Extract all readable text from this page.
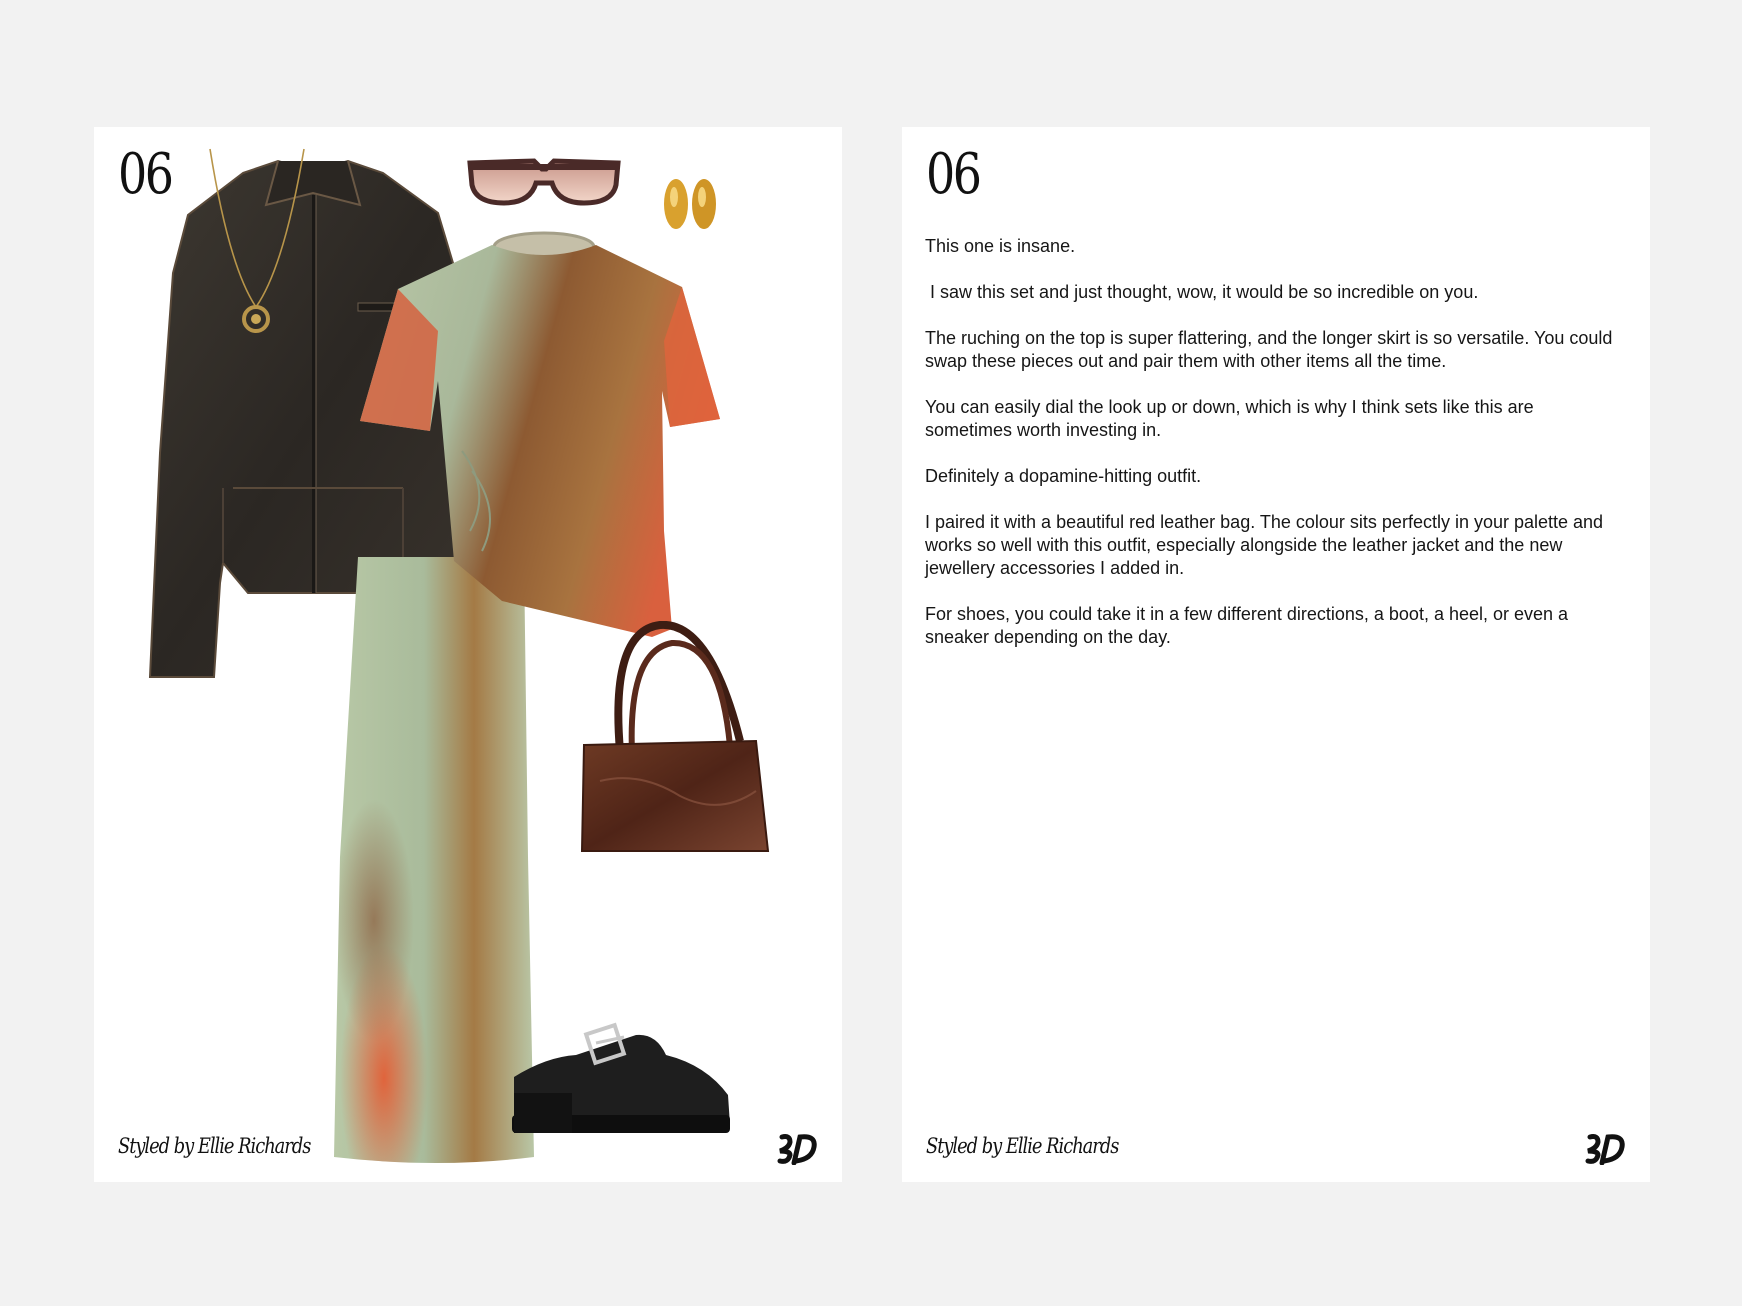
06
Styled by Ellie Richards
06

This one is insane.

I saw this set and just thought, wow, it would be so incredible on you.

The ruching on the top is super flattering, and the longer skirt is so versatile. You could swap these pieces out and pair them with other items all the time.

You can easily dial the look up or down, which is why I think sets like this are sometimes worth investing in.

Definitely a dopamine-hitting outfit.

I paired it with a beautiful red leather bag. The colour sits perfectly in your palette and works so well with this outfit, especially alongside the leather jacket and the new jewellery accessories I added in.

For shoes, you could take it in a few different directions, a boot, a heel, or even a sneaker depending on the day.

Styled by Ellie Richards
